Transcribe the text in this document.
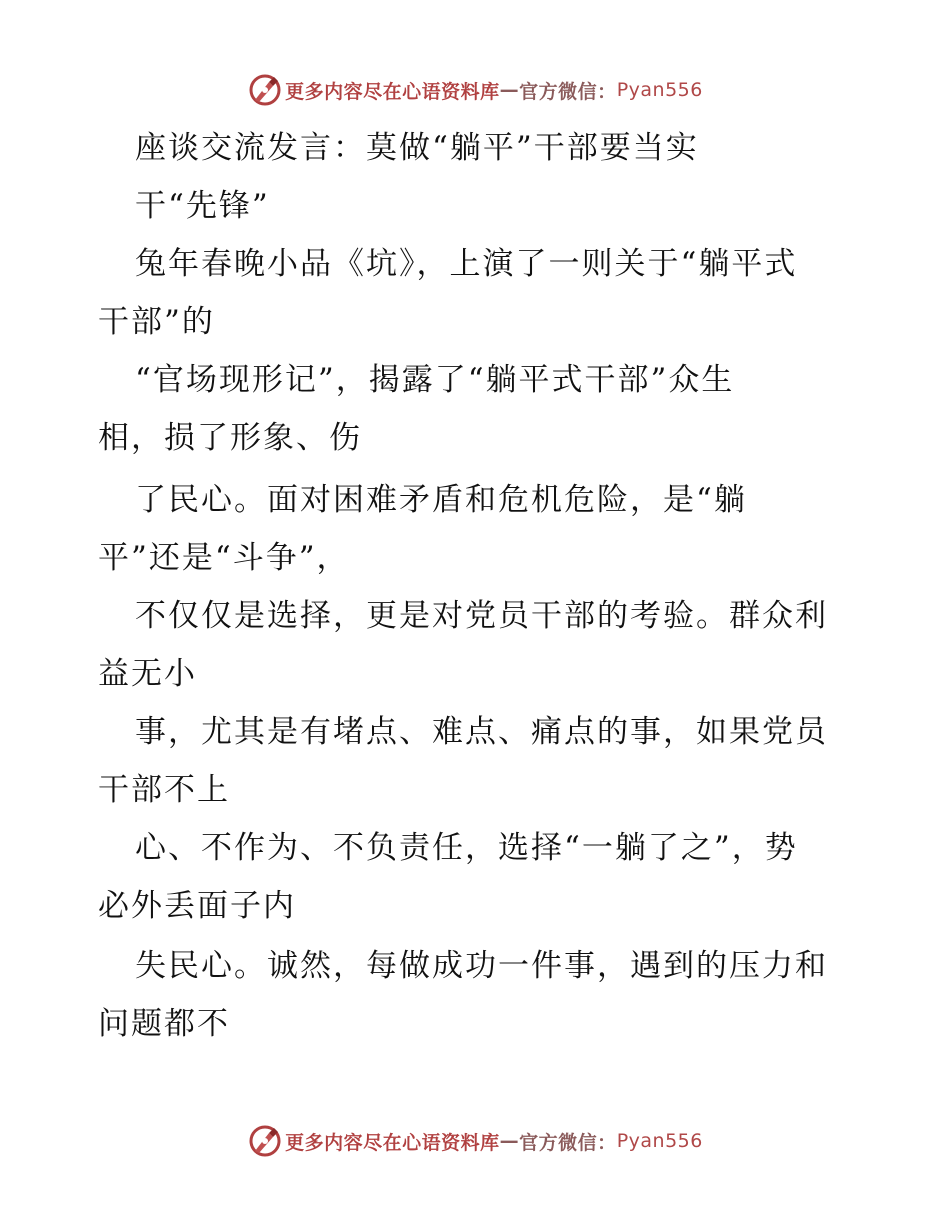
更多内容尽在心语资料库 — 官方微信： Pyan556
座谈交流发言：莫做“躺平”干部要当实
干“先锋”
兔年春晚小品《坑》，上演了一则关于“躺平式
干部”的
“官场现形记”，揭露了“躺平式干部”众生
相，损了形象、伤
了民心。面对困难矛盾和危机危险，是“躺
平”还是“斗争”，
不仅仅是选择，更是对党员干部的考验。群众利
益无小
事，尤其是有堵点、难点、痛点的事，如果党员
干部不上
心、不作为、不负责任，选择“一躺了之”，势
必外丢面子内
失民心。诚然，每做成功一件事，遇到的压力和
问题都不
更多内容尽在心语资料库 — 官方微信： Pyan556
